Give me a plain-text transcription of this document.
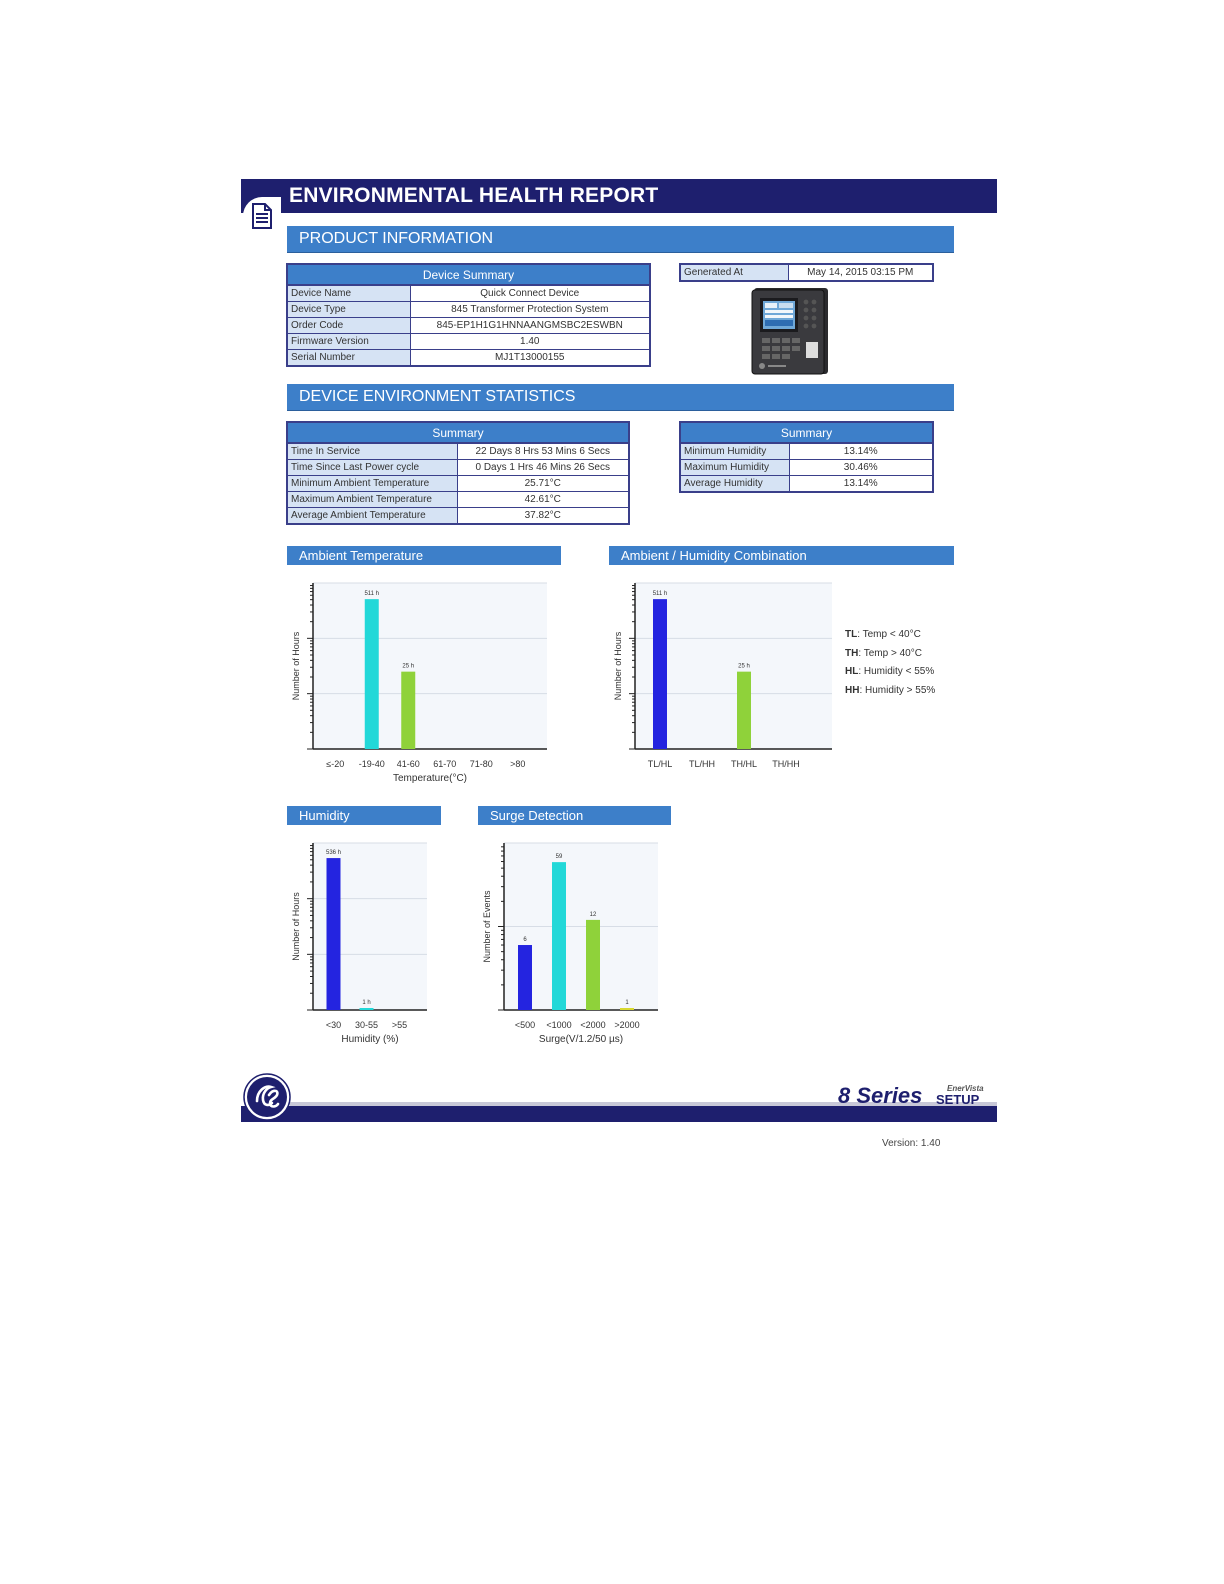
ENVIRONMENTAL HEALTH REPORT
PRODUCT INFORMATION
Device Summary	
Device Name	Quick Connect Device
Device Type	845 Transformer Protection System
Order Code	845-EP1H1G1HNNAANGMSBC2ESWBN
Firmware Version	1.40
Serial Number	MJ1T13000155
Generated At	May 14, 2015 03:15 PM
DEVICE ENVIRONMENT STATISTICS
Summary	
Time In Service	22 Days 8 Hrs 53 Mins 6 Secs
Time Since Last Power cycle	0 Days 1 Hrs 46 Mins 26 Secs
Minimum Ambient Temperature	25.71°C
Maximum Ambient Temperature	42.61°C
Average Ambient Temperature	37.82°C
Summary	
Minimum Humidity	13.14%
Maximum Humidity	30.46%
Average Humidity	13.14%
Ambient Temperature	Ambient / Humidity Combination
Humidity	Surge Detection
≤-20
511 h
-19-40
25 h
41-60 61-70 71-80 >80
Temperature(°C)
Number of Hours
511 h
TL/HL TL/HH
25 h
TH/HL TH/HH
Number of Hours
536 h
<30
1 h
30-55 >55
Humidity (%)
Number of Hours	6
<500
59
<1000
12
<2000
1
>2000
Surge(V/1.2/50 µs)
Number of Events
TL: Temp < 40°C
TH: Temp > 40°C
HL: Humidity < 55%
HH: Humidity > 55%
8 Series	EnerVista
SETUP
Version: 1.40
